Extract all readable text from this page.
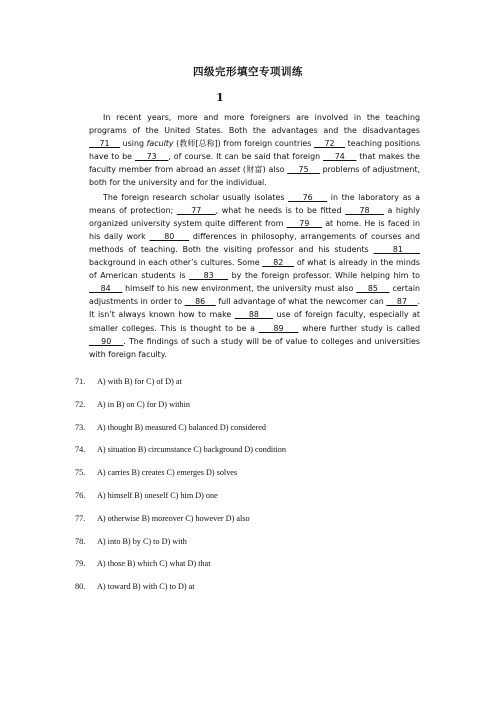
四级完形填空专项训练
1

In recent years, more and more foreigners are involved in the teaching programs of the United States. Both the advantages and the disadvantages     71     using faculty (教师[总称]) from foreign countries     72     teaching positions have to be     73    , of course. It can be said that foreign     74     that makes the faculty member from abroad an asset (财富) also     75     problems of adjustment, both for the university and for the individual.

The foreign research scholar usually isolates     76     in the laboratory as a means of protection;     77    , what he needs is to be fitted     78     a highly organized university system quite different from     79     at home. He is faced in his daily work     80     differences in philosophy, arrangements of courses and methods of teaching. Both the visiting professor and his students     81     background in each other’s cultures. Some     82     of what is already in the minds of American students is     83     by the foreign professor. While helping him to     84     himself to his new environment, the university must also     85     certain adjustments in order to     86     full advantage of what the newcomer can     87    . It isn’t always known how to make     88     use of foreign faculty, especially at smaller colleges. This is thought to be a     89     where further study is called     90    . The findings of such a study will be of value to colleges and universities with foreign faculty.

71. A) with B) for C) of D) at
72. A) in B) on C) for D) within
73. A) thought B) measured C) balanced D) considered
74. A) situation B) circumstance C) background D) condition
75. A) carries B) creates C) emerges D) solves
76. A) himself B) oneself C) him D) one
77. A) otherwise B) moreover C) however D) also
78. A) into B) by C) to D) with
79. A) those B) which C) what D) that
80. A) toward B) with C) to D) at
